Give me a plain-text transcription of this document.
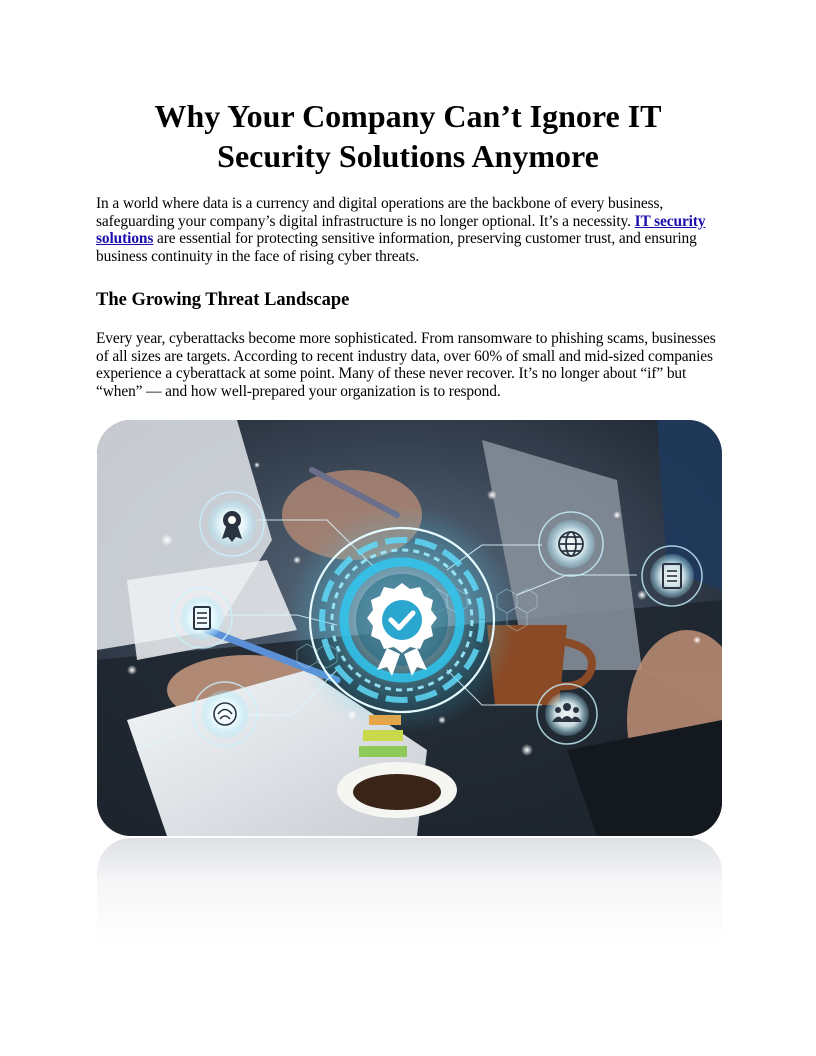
Why Your Company Can’t Ignore IT
Security Solutions Anymore

In a world where data is a currency and digital operations are the backbone of every business, safeguarding your company’s digital infrastructure is no longer optional. It’s a necessity. IT security solutions are essential for protecting sensitive information, preserving customer trust, and ensuring business continuity in the face of rising cyber threats.

The Growing Threat Landscape

Every year, cyberattacks become more sophisticated. From ransomware to phishing scams, businesses of all sizes are targets. According to recent industry data, over 60% of small and mid-sized companies experience a cyberattack at some point. Many of these never recover. It’s no longer about “if” but “when” — and how well-prepared your organization is to respond.
